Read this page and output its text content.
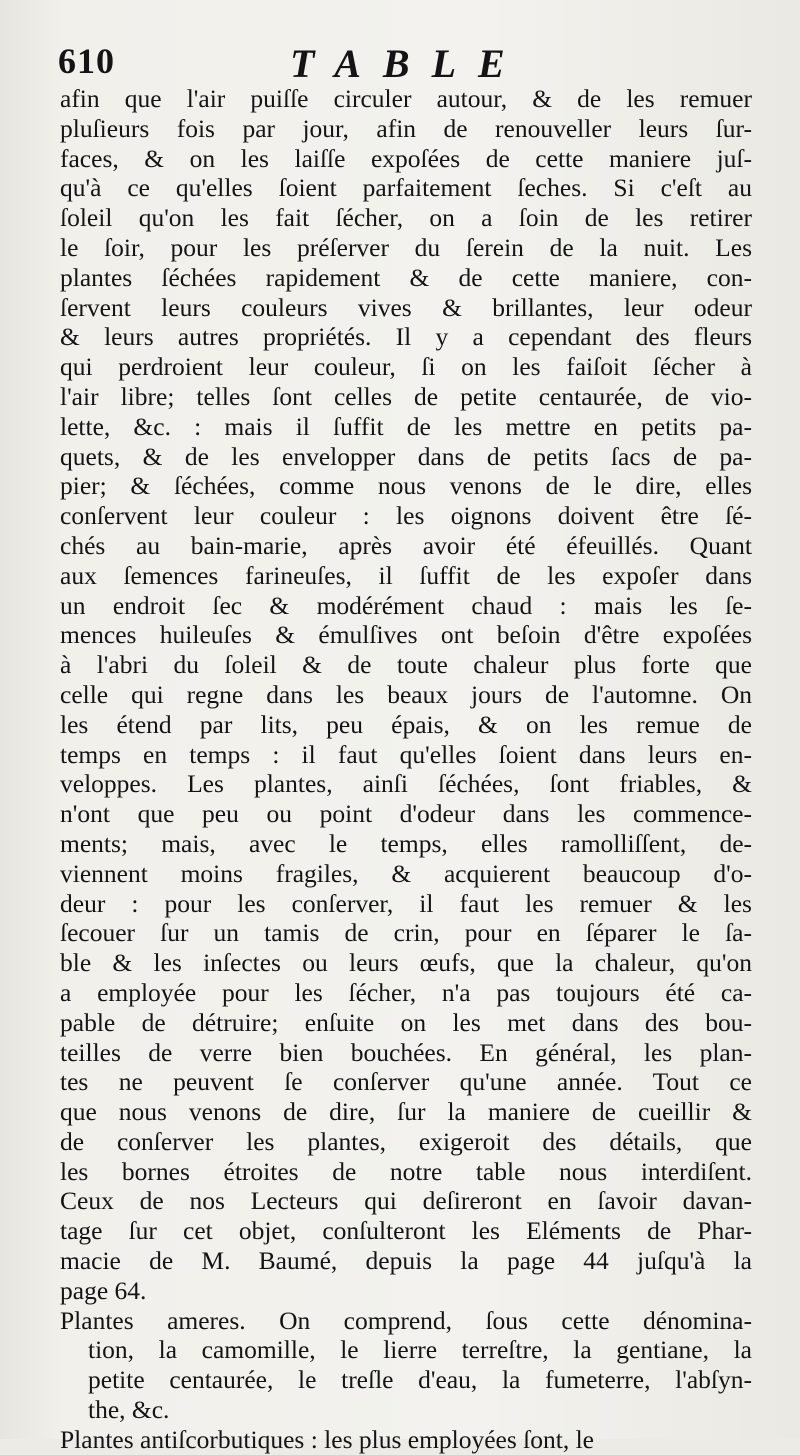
610	TABLE
afin que l'air puiſſe circuler autour, & de les remuer
pluſieurs fois par jour, afin de renouveller leurs ſur-
faces, & on les laiſſe expoſées de cette maniere juſ-
qu'à ce qu'elles ſoient parfaitement ſeches. Si c'eſt au
ſoleil qu'on les fait ſécher, on a ſoin de les retirer
le ſoir, pour les préſerver du ſerein de la nuit. Les
plantes ſéchées rapidement & de cette maniere, con-
ſervent leurs couleurs vives & brillantes, leur odeur
& leurs autres propriétés. Il y a cependant des fleurs
qui perdroient leur couleur, ſi on les faiſoit ſécher à
l'air libre; telles ſont celles de petite centaurée, de vio-
lette, &c. : mais il ſuffit de les mettre en petits pa-
quets, & de les envelopper dans de petits ſacs de pa-
pier; & ſéchées, comme nous venons de le dire, elles
conſervent leur couleur : les oignons doivent être ſé-
chés au bain-marie, après avoir été éfeuillés. Quant
aux ſemences farineuſes, il ſuffit de les expoſer dans
un endroit ſec & modérément chaud : mais les ſe-
mences huileuſes & émulſives ont beſoin d'être expoſées
à l'abri du ſoleil & de toute chaleur plus forte que
celle qui regne dans les beaux jours de l'automne. On
les étend par lits, peu épais, & on les remue de
temps en temps : il faut qu'elles ſoient dans leurs en-
veloppes. Les plantes, ainſi ſéchées, ſont friables, &
n'ont que peu ou point d'odeur dans les commence-
ments; mais, avec le temps, elles ramolliſſent, de-
viennent moins fragiles, & acquierent beaucoup d'o-
deur : pour les conſerver, il faut les remuer & les
ſecouer ſur un tamis de crin, pour en ſéparer le ſa-
ble & les inſectes ou leurs œufs, que la chaleur, qu'on
a employée pour les ſécher, n'a pas toujours été ca-
pable de détruire; enſuite on les met dans des bou-
teilles de verre bien bouchées. En général, les plan-
tes ne peuvent ſe conſerver qu'une année. Tout ce
que nous venons de dire, ſur la maniere de cueillir &
de conſerver les plantes, exigeroit des détails, que
les bornes étroites de notre table nous interdiſent.
Ceux de nos Lecteurs qui deſireront en ſavoir davan-
tage ſur cet objet, conſulteront les Eléments de Phar-
macie de M. Baumé, depuis la page 44 juſqu'à la
page 64.
Plantes ameres. On comprend, ſous cette dénomina-
tion, la camomille, le lierre terreſtre, la gentiane, la
petite centaurée, le treſle d'eau, la fumeterre, l'abſyn-
the, &c.
Plantes antiſcorbutiques : les plus employées ſont, le
